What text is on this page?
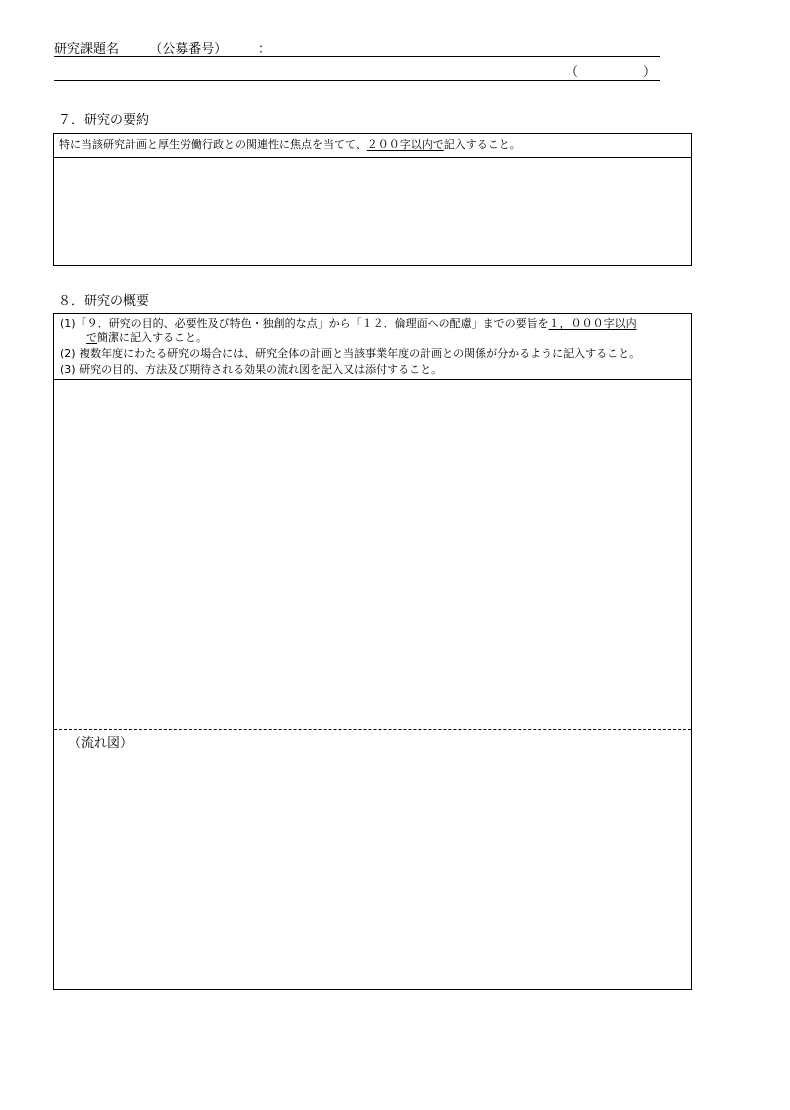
研究課題名 （公募番号） ：
（	）
７．研究の要約
特に当該研究計画と厚生労働行政との関連性に焦点を当てて、２００字以内で記入すること。
８．研究の概要
(1)「９．研究の目的、必要性及び特色・独創的な点」から「１２．倫理面への配慮」までの要旨を１，０００字以内
で簡潔に記入すること。
(2) 複数年度にわたる研究の場合には、研究全体の計画と当該事業年度の計画との関係が分かるように記入すること。
(3) 研究の目的、方法及び期待される効果の流れ図を記入又は添付すること。
（流れ図）
